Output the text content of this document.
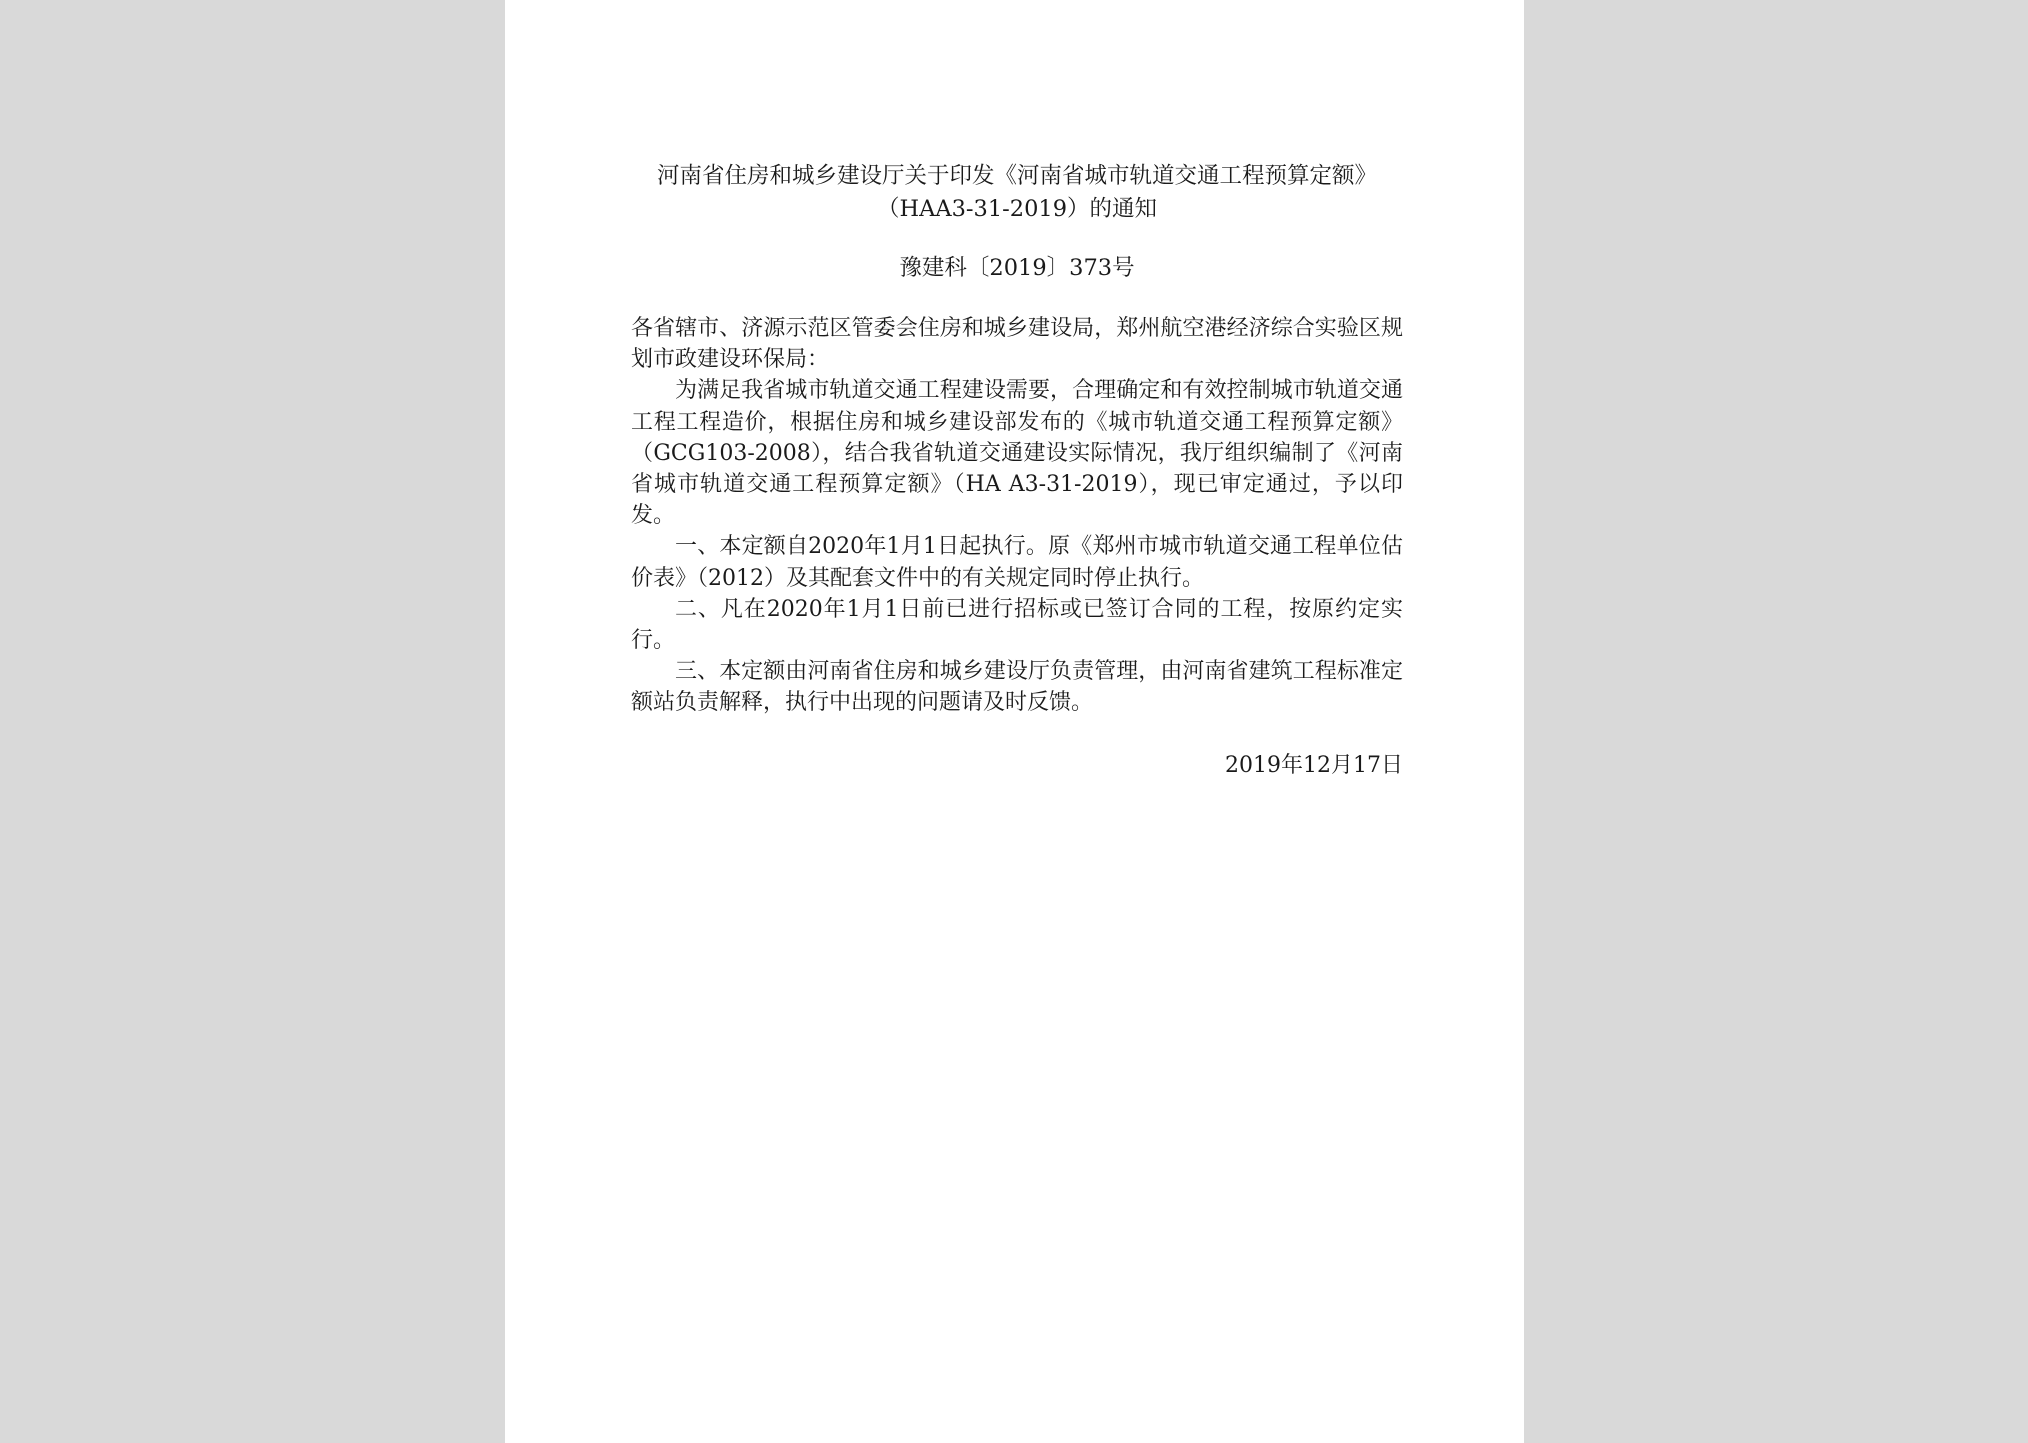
河南省住房和城乡建设厅关于印发《河南省城市轨道交通工程预算定额》
（HAA3-31-2019）的通知
豫建科〔2019〕373号

各省辖市、济源示范区管委会住房和城乡建设局，郑州航空港经济综合实验区规划市政建设环保局：

为满足我省城市轨道交通工程建设需要，合理确定和有效控制城市轨道交通工程工程造价，根据住房和城乡建设部发布的《城市轨道交通工程预算定额》（GCG103-2008），结合我省轨道交通建设实际情况，我厅组织编制了《河南省城市轨道交通工程预算定额》（HA A3-31-2019），现已审定通过，予以印发。

一、本定额自2020年1月1日起执行。原《郑州市城市轨道交通工程单位估价表》（2012）及其配套文件中的有关规定同时停止执行。

二、凡在2020年1月1日前已进行招标或已签订合同的工程，按原约定实行。

三、本定额由河南省住房和城乡建设厅负责管理，由河南省建筑工程标准定额站负责解释，执行中出现的问题请及时反馈。

2019年12月17日
